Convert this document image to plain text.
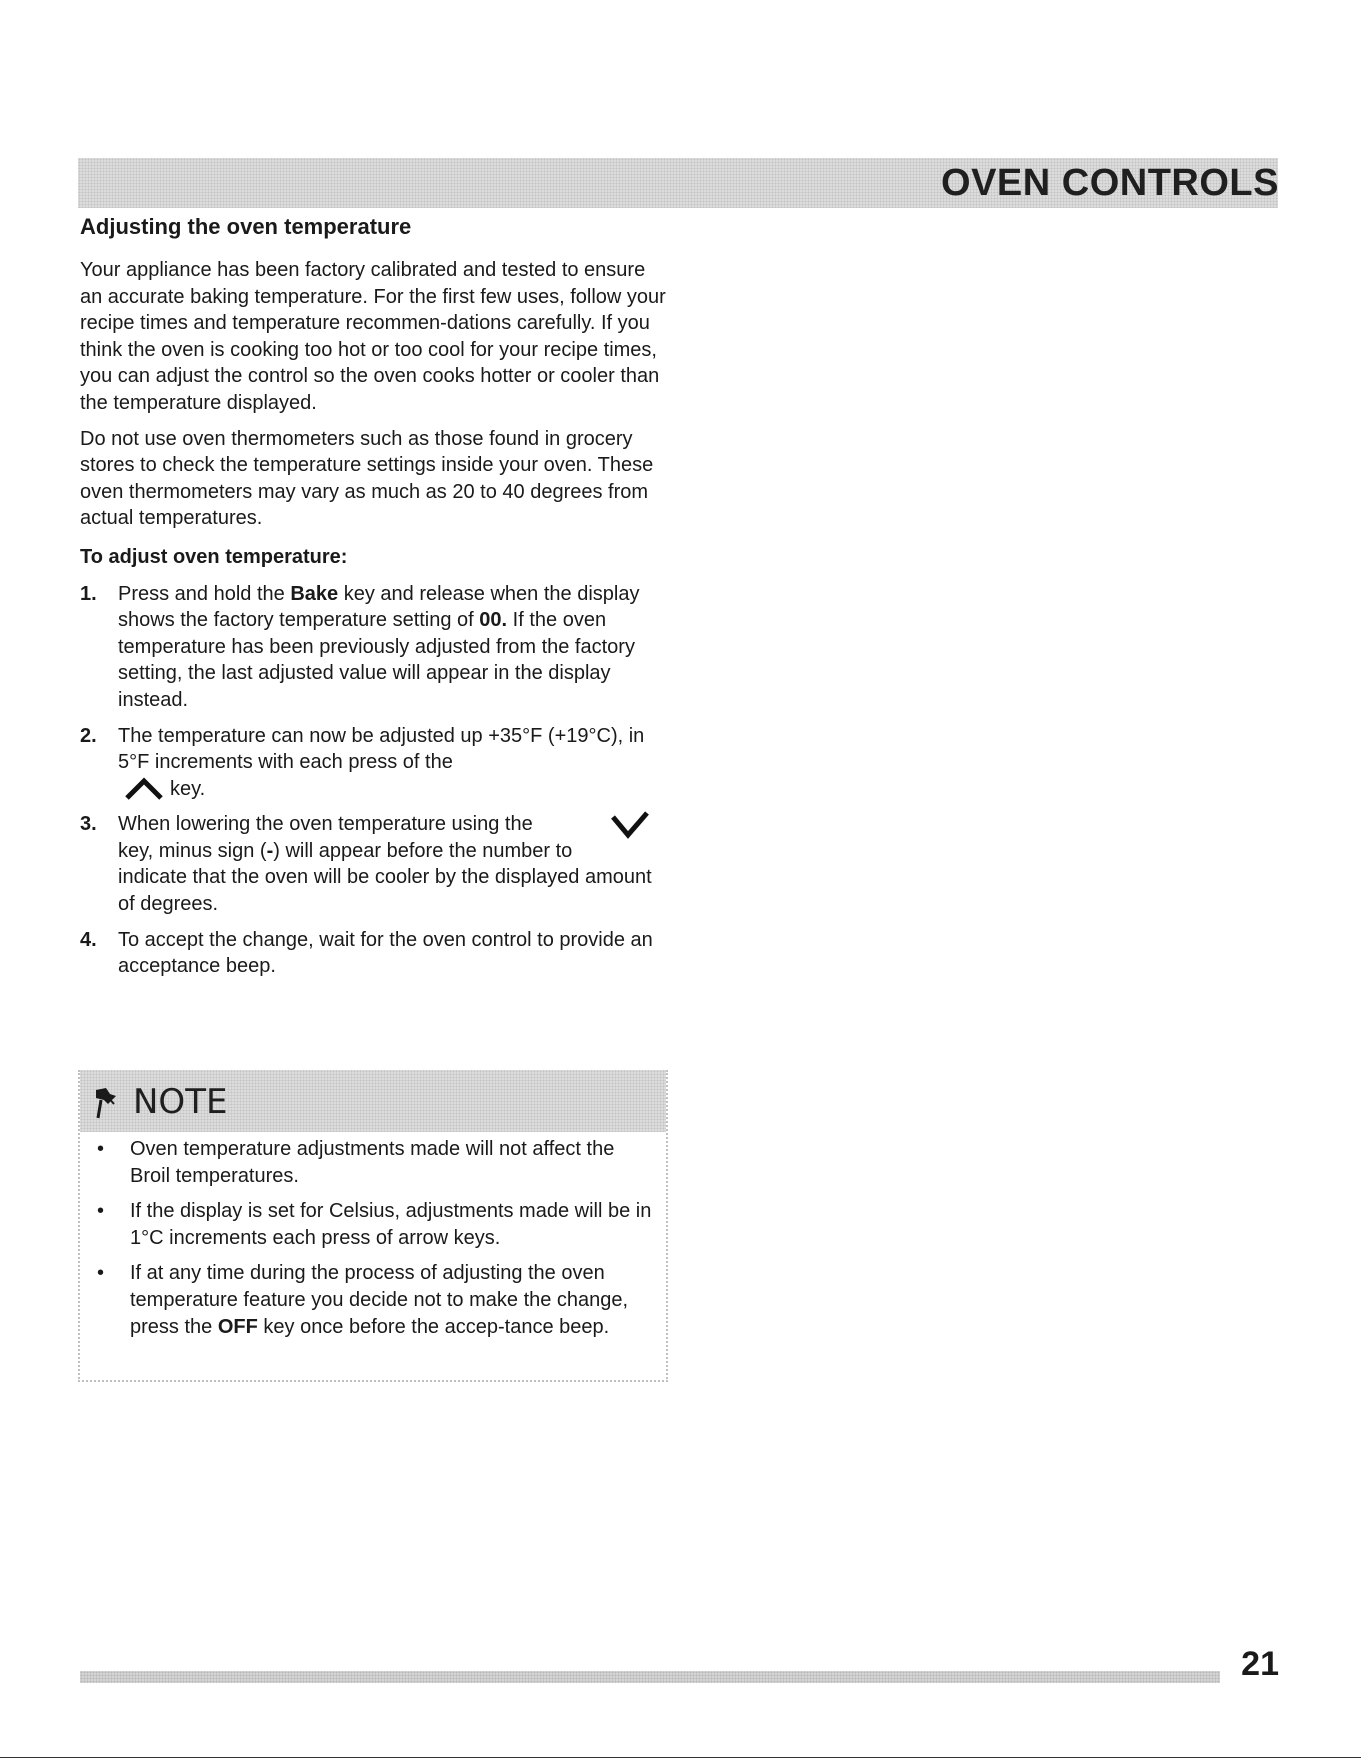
OVEN CONTROLS
Adjusting the oven temperature

Your appliance has been factory calibrated and tested to ensure an accurate baking temperature. For the first few uses, follow your recipe times and temperature recommen-dations carefully. If you think the oven is cooking too hot or too cool for your recipe times, you can adjust the control so the oven cooks hotter or cooler than the temperature displayed.

Do not use oven thermometers such as those found in grocery stores to check the temperature settings inside your oven. These oven thermometers may vary as much as 20 to 40 degrees from actual temperatures.

To adjust oven temperature:

1. Press and hold the Bake key and release when the display shows the factory temperature setting of 00. If the oven temperature has been previously adjusted from the factory setting, the last adjusted value will appear in the display instead.
2. The temperature can now be adjusted up +35°F (+19°C), in 5°F increments with each press of the

key.
3. When lowering the oven temperature using the
key, minus sign (-) will appear before the number to indicate that the oven will be cooler by the displayed amount of degrees.
4. To accept the change, wait for the oven control to provide an acceptance beep.
NOTE
• Oven temperature adjustments made will not affect the Broil temperatures.
• If the display is set for Celsius, adjustments made will be in 1°C increments each press of arrow keys.
• If at any time during the process of adjusting the oven temperature feature you decide not to make the change, press the OFF key once before the accep-tance beep.
21
